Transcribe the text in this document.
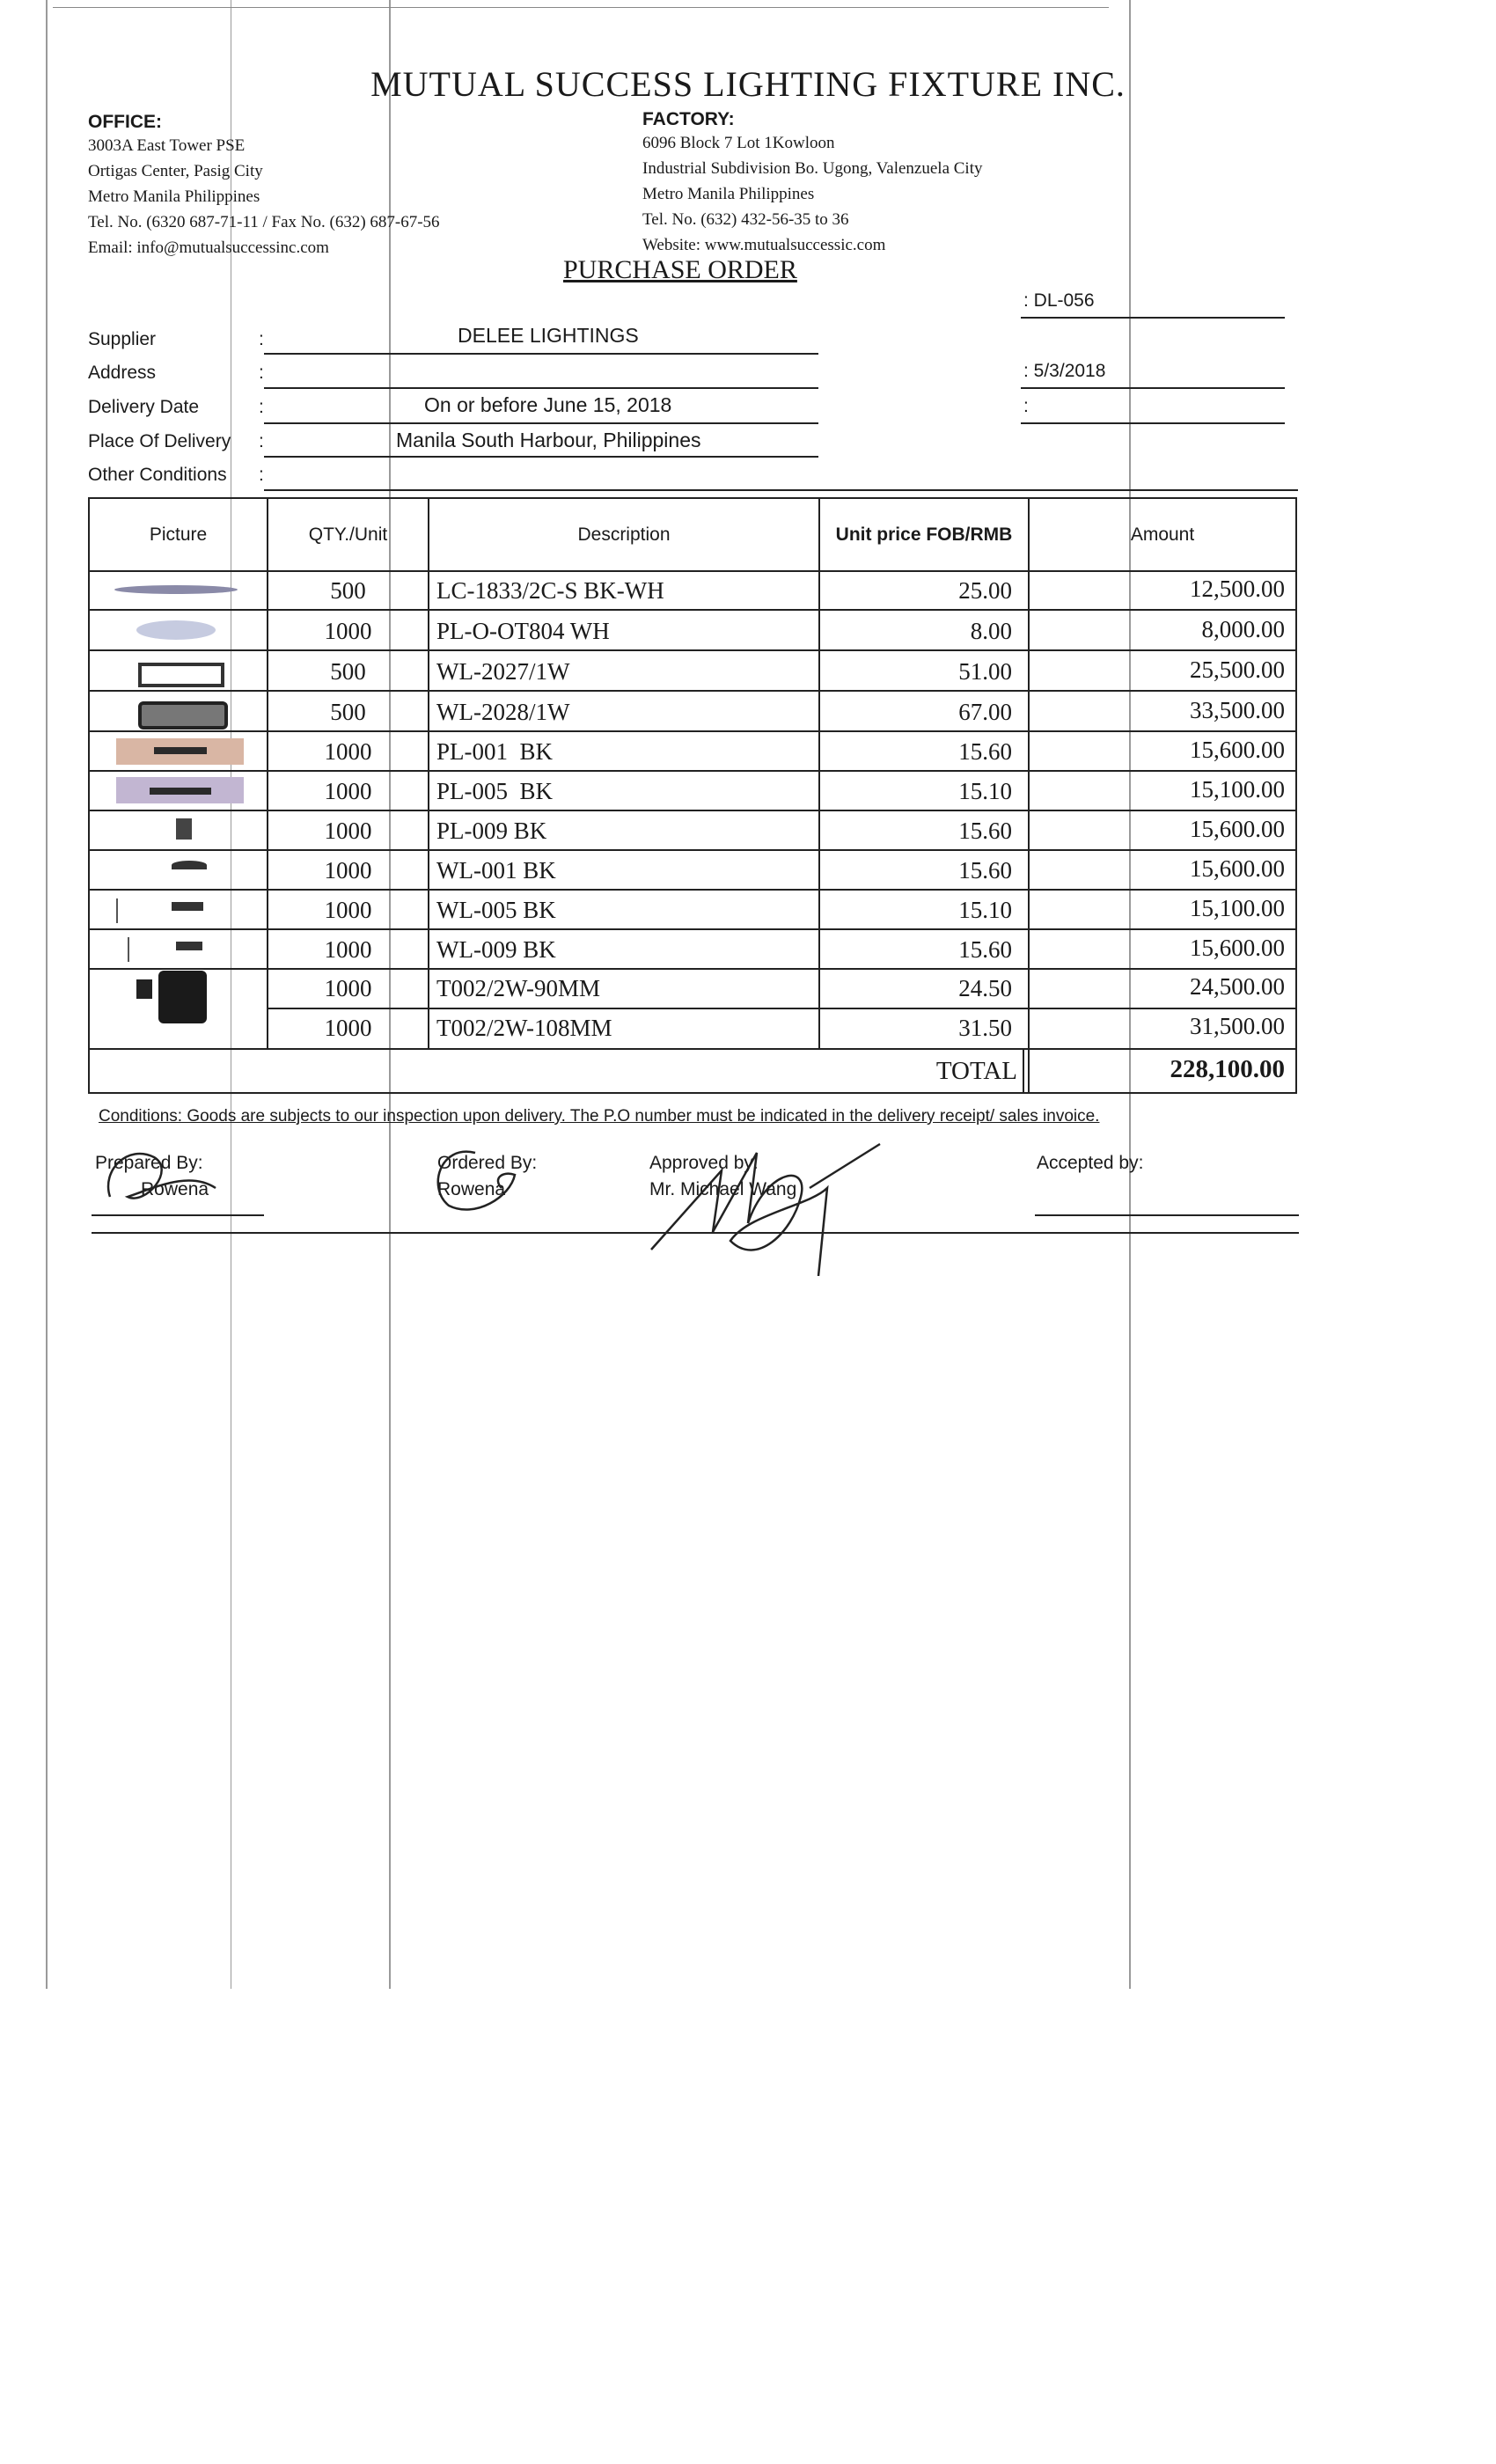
MUTUAL SUCCESS LIGHTING FIXTURE INC.
OFFICE:
3003A East Tower PSE
Ortigas Center, Pasig City
Metro Manila Philippines
Tel. No. (6320 687-71-11 / Fax No. (632) 687-67-56
Email: info@mutualsuccessinc.com
FACTORY:
6096 Block 7 Lot 1Kowloon
Industrial Subdivision Bo. Ugong, Valenzuela City
Metro Manila Philippines
Tel. No. (632) 432-56-35 to 36
Website: www.mutualsuccessic.com
PURCHASE ORDER
: DL-056
: 5/3/2018
:
Supplier	:	DELEE LIGHTINGS
Address	:
Delivery Date	:	On or before June 15, 2018
Place Of Delivery :	Manila South Harbour, Philippines
Other Conditions :
Picture	QTY./Unit	Description	Unit price FOB/RMB	Amount
500	LC-1833/2C-S BK-WH	25.00	12,500.00
1000	PL-O-OT804 WH	8.00	8,000.00
500	WL-2027/1W	51.00	25,500.00
500	WL-2028/1W	67.00	33,500.00
1000	PL-001  BK	15.60	15,600.00
1000	PL-005  BK	15.10	15,100.00
1000	PL-009 BK	15.60	15,600.00
1000	WL-001 BK	15.60	15,600.00
1000	WL-005 BK	15.10	15,100.00
1000	WL-009 BK	15.60	15,600.00
1000	T002/2W-90MM	24.50	24,500.00
1000	T002/2W-108MM	31.50	31,500.00
TOTAL	228,100.00
Conditions: Goods are subjects to our inspection upon delivery. The P.O number must be indicated in the delivery receipt/ sales invoice.
Prepared By:
Rowena
Ordered By:
Rowena
Approved by:
Mr. Michael Wang
Accepted by:
